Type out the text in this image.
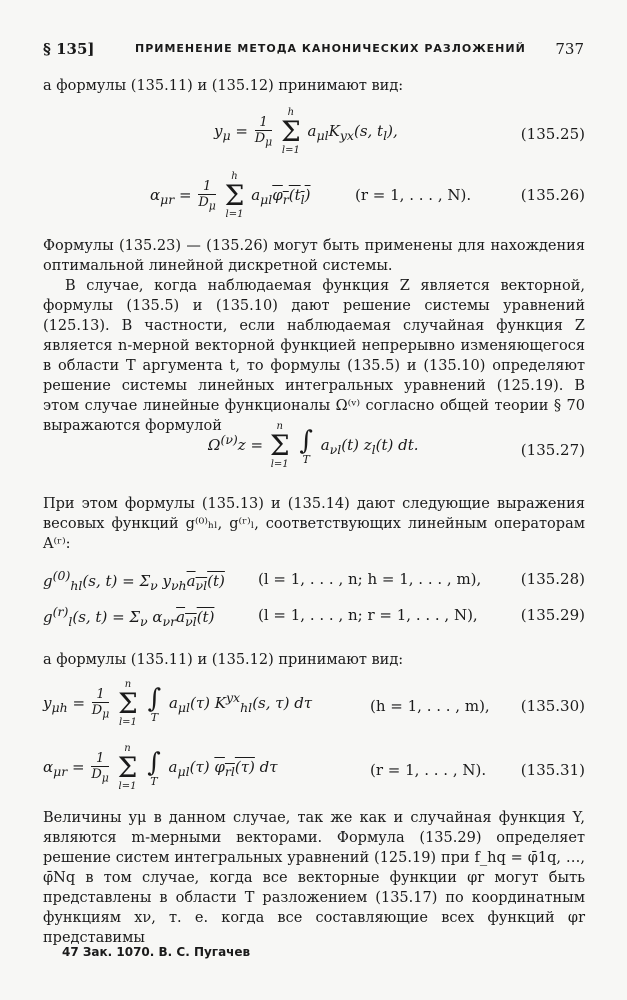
§ 135]	ПРИМЕНЕНИЕ МЕТОДА КАНОНИЧЕСКИХ РАЗЛОЖЕНИЙ 737
а формулы (135.11) и (135.12) принимают вид:
$y_\mu = \frac{1}{D_\mu}$

h
Σ
l=1
$a_{\mu l}K_{yx}(s$, $t_l$),	(135.25)
$\alpha_{\mu r} = \frac{1}{D_\mu}$

h
Σ
l=1
$a_{\mu l}\varphi_r(t_l)$	(r = 1, . . . , N).	(135.26)
Формулы (135.23) — (135.26) могут быть применены для нахождения оптимальной линейной дискретной системы.
В случае, когда наблюдаемая функция Z является векторной, формулы (135.5) и (135.10) дают решение системы уравнений (125.13). В частности, если наблюдаемая случайная функция Z является n-мерной векторной функцией непрерывно изменяющегося в области T аргумента t, то формулы (135.5) и (135.10) определяют решение системы линейных интегральных уравнений (125.19). В этом случае линейные функционалы Ω⁽ᵛ⁾ согласно общей теории § 70 выражаются формулой
$\Omega^{(\nu)}z$ =
n
Σ
l=1

∫
T
$a_{\nu l}(t)$ $z_l(t)$ dt.	(135.27)
При этом формулы (135.13) и (135.14) дают следующие выражения весовых функций g⁽⁰⁾ₕₗ, g⁽ʳ⁾ₗ, соответствующих линейным операторам A⁽ʳ⁾:
$g^{(0)}_{hl}(s$, $t) = \Sigma_\nu$ $y_{\nu h}a_{\nu l}(t) (l = 1$, . . . , n; h = 1, . . . , m),	(135.28)
$g^{(r)}_l(s$, $t) = \Sigma_\nu$ $\alpha_{\nu r}a_{\nu l}(t)$	(l = 1, . . . , n; r = 1, . . . , N),	(135.29)
а формулы (135.11) и (135.12) принимают вид:
$y_{\mu h} = \frac{1}{D_\mu}$

n
Σ
l=1

∫
T
$a_{\mu l}(\tau)$ $K^{yx}_{hl}(s$, τ) dτ	(h = 1, . . . , m), (135.30)
$\alpha_{\mu r} = \frac{1}{D_\mu}$

n
Σ
l=1

∫
T
$a_{\mu l}(\tau)$ $\varphi_{rl}(\tau)$ dτ	(r = 1, . . . , N). (135.31)
Величины yμ в данном случае, так же как и случайная функция Y, являются m-мерными векторами. Формула (135.29) определяет решение систем интегральных уравнений (125.19) при f_hq = φ̄1q, …, φ̄Nq в том случае, когда все векторные функции φr могут быть представлены в области T разложением (135.17) по координатным функциям xν, т. е. когда все составляющие всех функций φr представимы
47 Зак. 1070. В. С. Пугачев
